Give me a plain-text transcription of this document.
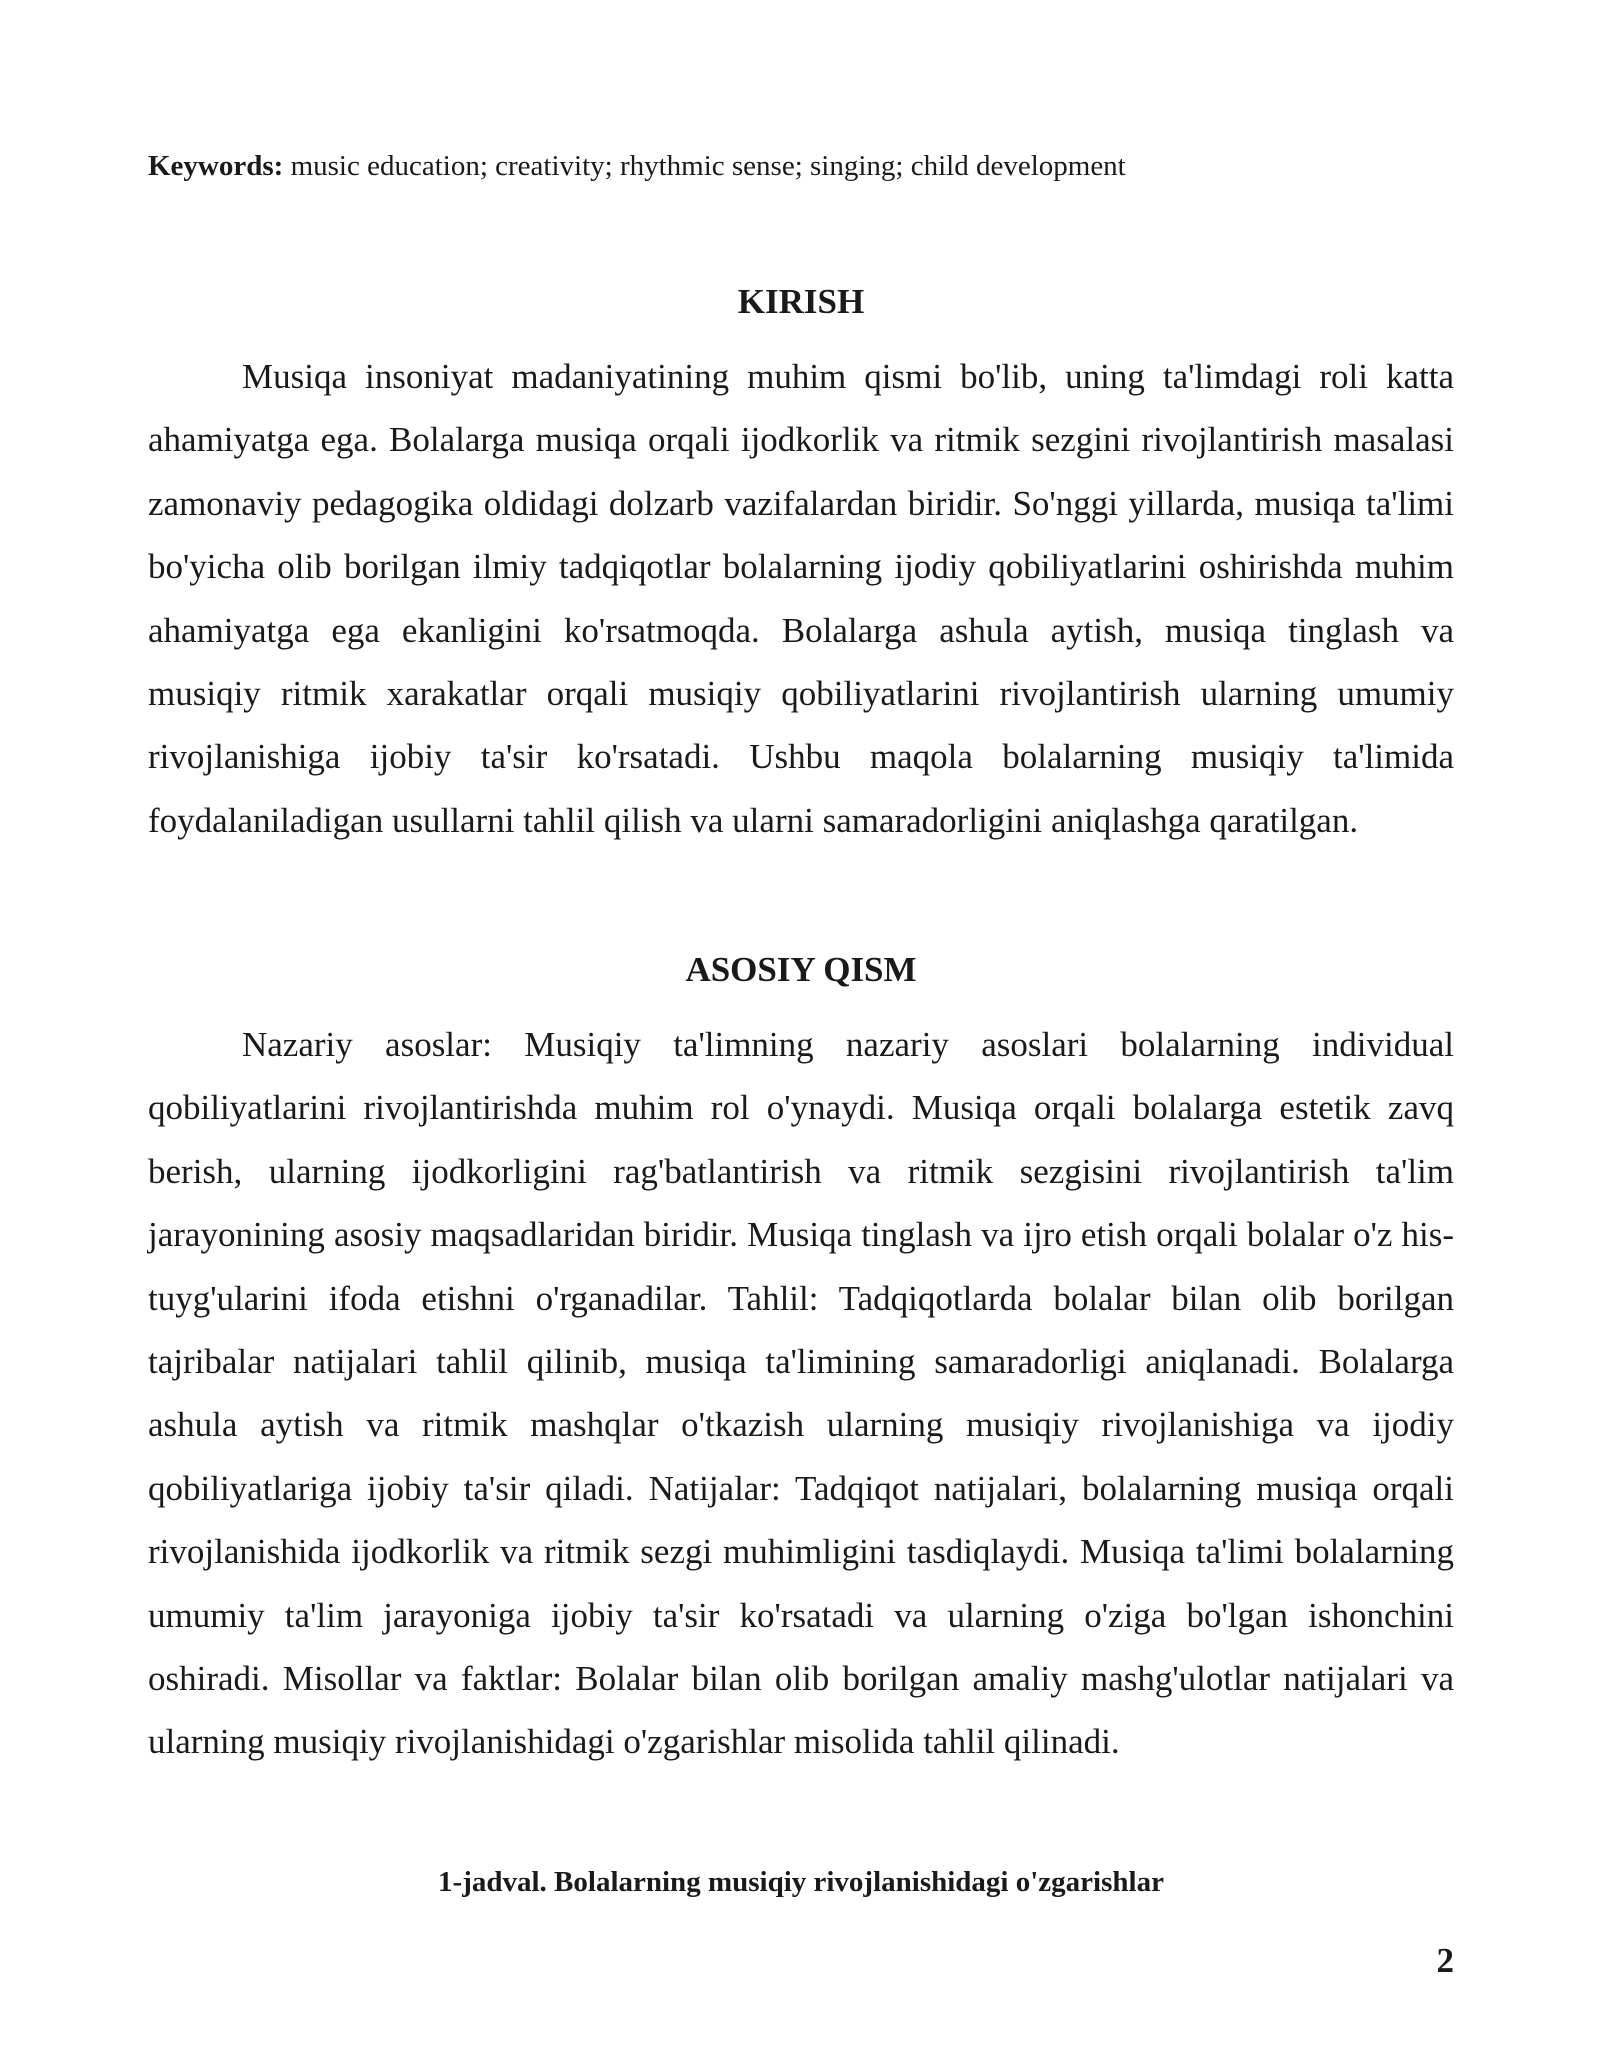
Keywords: music education; creativity; rhythmic sense; singing; child development
KIRISH

Musiqa insoniyat madaniyatining muhim qismi bo'lib, uning ta'limdagi roli katta ahamiyatga ega. Bolalarga musiqa orqali ijodkorlik va ritmik sezgini rivojlantirish masalasi zamonaviy pedagogika oldidagi dolzarb vazifalardan biridir. So'nggi yillarda, musiqa ta'limi bo'yicha olib borilgan ilmiy tadqiqotlar bolalarning ijodiy qobiliyatlarini oshirishda muhim ahamiyatga ega ekanligini ko'rsatmoqda. Bolalarga ashula aytish, musiqa tinglash va musiqiy ritmik xarakatlar orqali musiqiy qobiliyatlarini rivojlantirish ularning umumiy rivojlanishiga ijobiy ta'sir ko'rsatadi. Ushbu maqola bolalarning musiqiy ta'limida foydalaniladigan usullarni tahlil qilish va ularni samaradorligini aniqlashga qaratilgan.

ASOSIY QISM

Nazariy asoslar: Musiqiy ta'limning nazariy asoslari bolalarning individual qobiliyatlarini rivojlantirishda muhim rol o'ynaydi. Musiqa orqali bolalarga estetik zavq berish, ularning ijodkorligini rag'batlantirish va ritmik sezgisini rivojlantirish ta'lim jarayonining asosiy maqsadlaridan biridir. Musiqa tinglash va ijro etish orqali bolalar o'z his-tuyg'ularini ifoda etishni o'rganadilar. Tahlil: Tadqiqotlarda bolalar bilan olib borilgan tajribalar natijalari tahlil qilinib, musiqa ta'limining samaradorligi aniqlanadi. Bolalarga ashula aytish va ritmik mashqlar o'tkazish ularning musiqiy rivojlanishiga va ijodiy qobiliyatlariga ijobiy ta'sir qiladi. Natijalar: Tadqiqot natijalari, bolalarning musiqa orqali rivojlanishida ijodkorlik va ritmik sezgi muhimligini tasdiqlaydi. Musiqa ta'limi bolalarning umumiy ta'lim jarayoniga ijobiy ta'sir ko'rsatadi va ularning o'ziga bo'lgan ishonchini oshiradi. Misollar va faktlar: Bolalar bilan olib borilgan amaliy mashg'ulotlar natijalari va ularning musiqiy rivojlanishidagi o'zgarishlar misolida tahlil qilinadi.

1-jadval. Bolalarning musiqiy rivojlanishidagi o'zgarishlar
2
